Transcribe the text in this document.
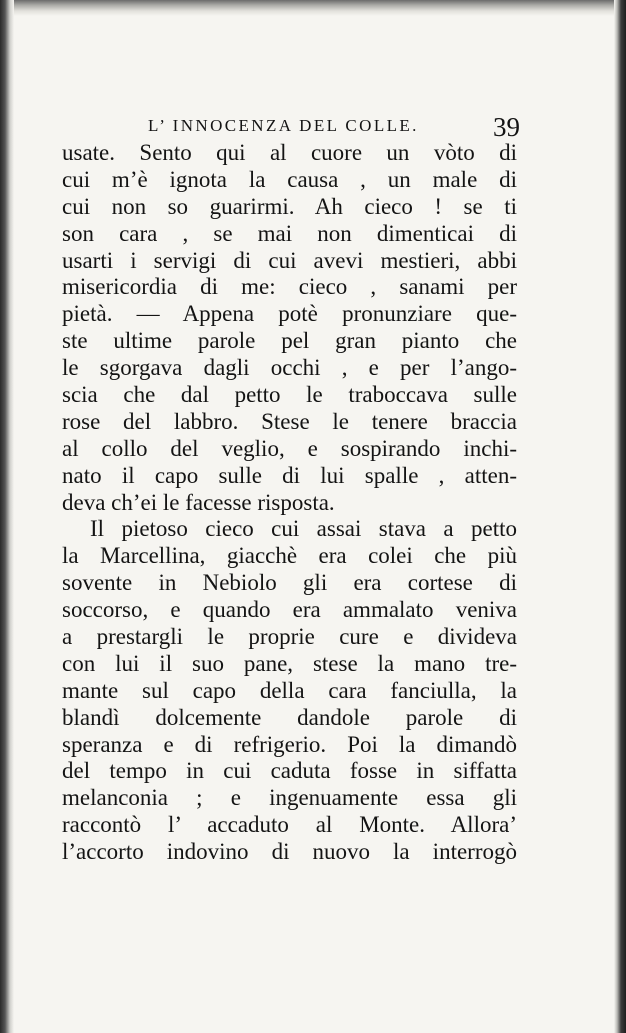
L’ INNOCENZA DEL COLLE.	39
usate. Sento qui al cuore un vòto di
cui m’è ignota la causa , un male di
cui non so guarirmi. Ah cieco ! se ti
son cara , se mai non dimenticai di
usarti i servigi di cui avevi mestieri, abbi
misericordia di me: cieco , sanami per
pietà. — Appena potè pronunziare que-
ste ultime parole pel gran pianto che
le sgorgava dagli occhi , e per l’ango-
scia che dal petto le traboccava sulle
rose del labbro. Stese le tenere braccia
al collo del veglio, e sospirando inchi-
nato il capo sulle di lui spalle , atten-
deva ch’ei le facesse risposta.
Il pietoso cieco cui assai stava a petto
la Marcellina, giacchè era colei che più
sovente in Nebiolo gli era cortese di
soccorso, e quando era ammalato veniva
a prestargli le proprie cure e divideva
con lui il suo pane, stese la mano tre-
mante sul capo della cara fanciulla, la
blandì dolcemente dandole parole di
speranza e di refrigerio. Poi la dimandò
del tempo in cui caduta fosse in siffatta
melanconia ; e ingenuamente essa gli
raccontò l’ accaduto al Monte. Allora’
l’accorto indovino di nuovo la interrogò
